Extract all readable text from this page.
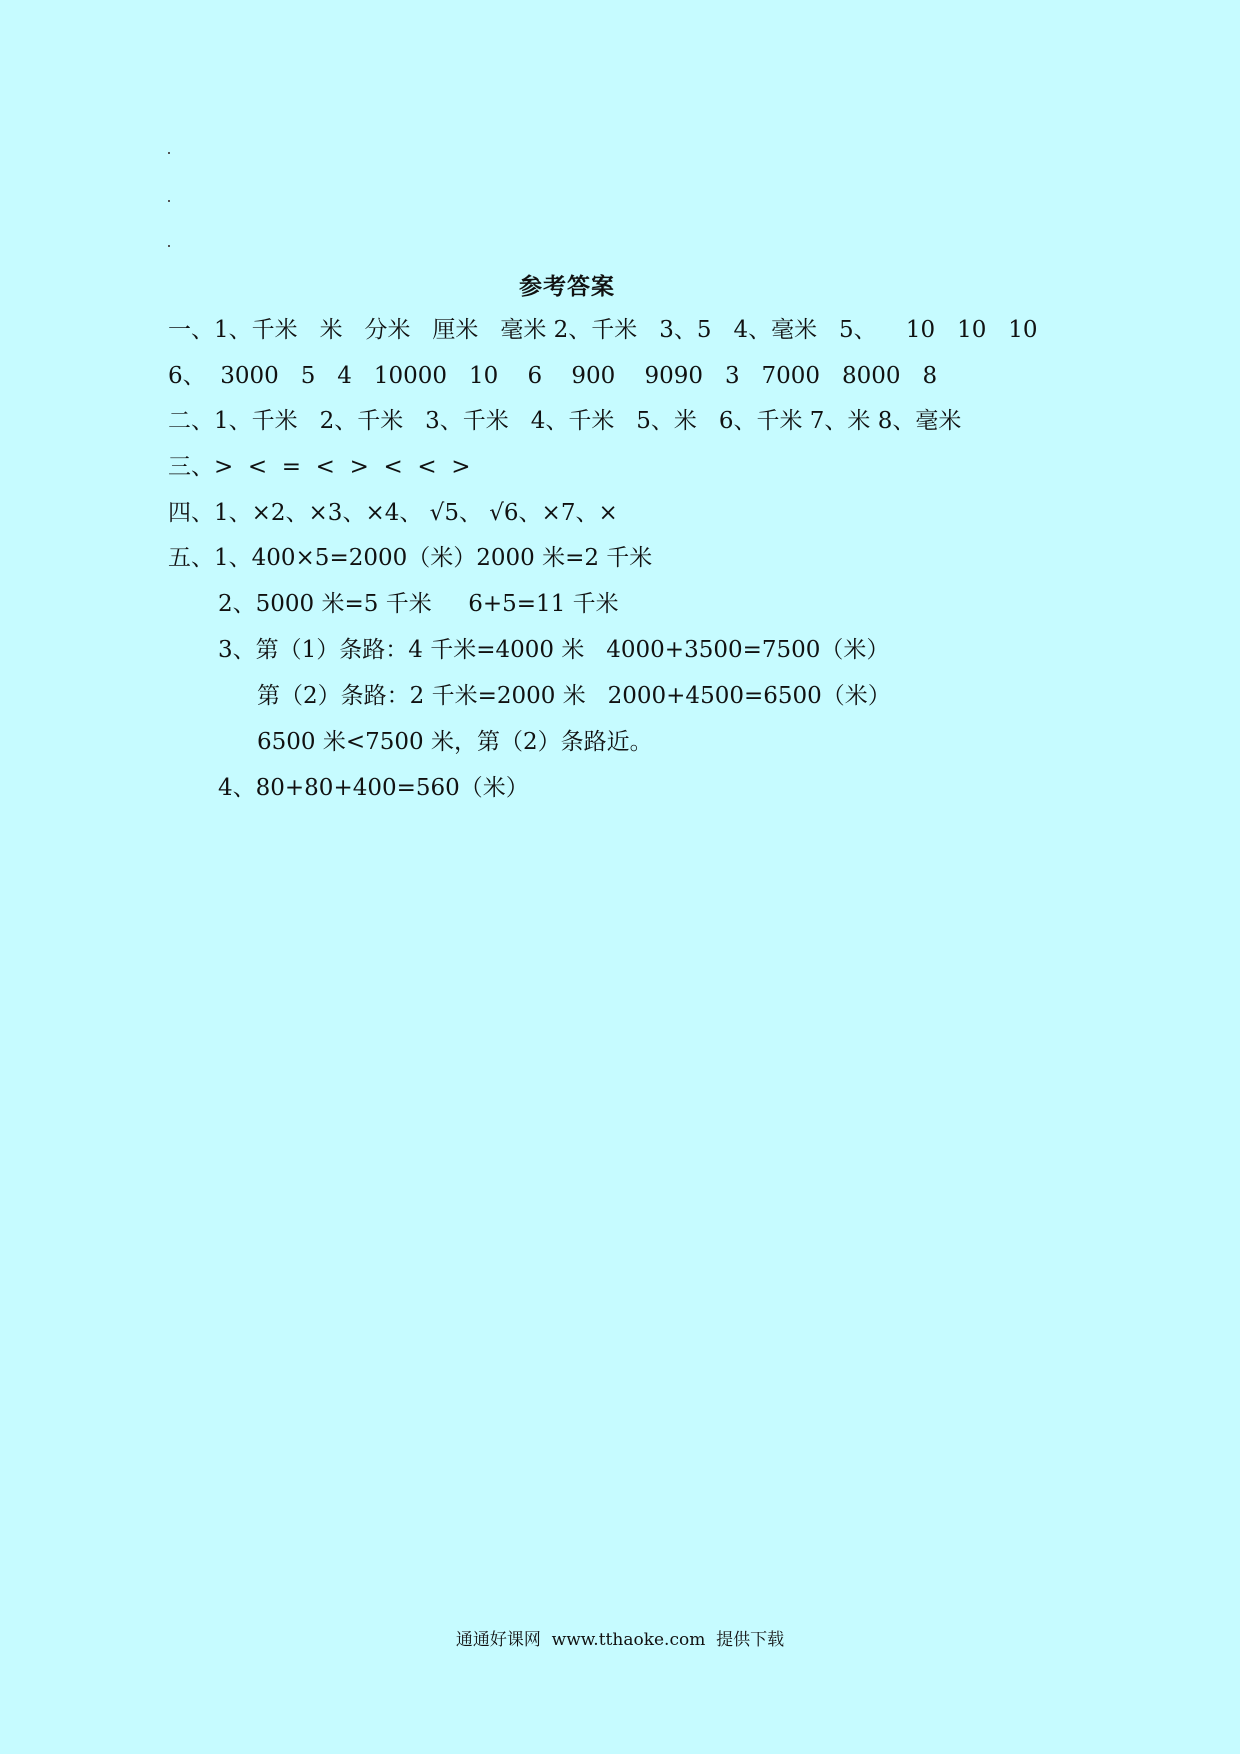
参考答案
一、1、千米   米   分米   厘米   毫米 2、千米   3、5   4、毫米   5、    10   10   10
6、  3000   5   4   10000   10    6    900    9090   3   7000   8000   8
二、1、千米   2、千米   3、千米   4、千米   5、米   6、千米 7、米 8、毫米
三、>  <  =  <  >  <  <  >
四、1、×2、×3、×4、 √5、 √6、×7、×
五、1、400×5=2000（米）2000 米=2 千米
2、5000 米=5 千米     6+5=11 千米
3、第（1）条路：4 千米=4000 米   4000+3500=7500（米）
第（2）条路：2 千米=2000 米   2000+4500=6500（米）
6500 米<7500 米，第（2）条路近。
4、80+80+400=560（米）
通通好课网  www.tthaoke.com  提供下载
